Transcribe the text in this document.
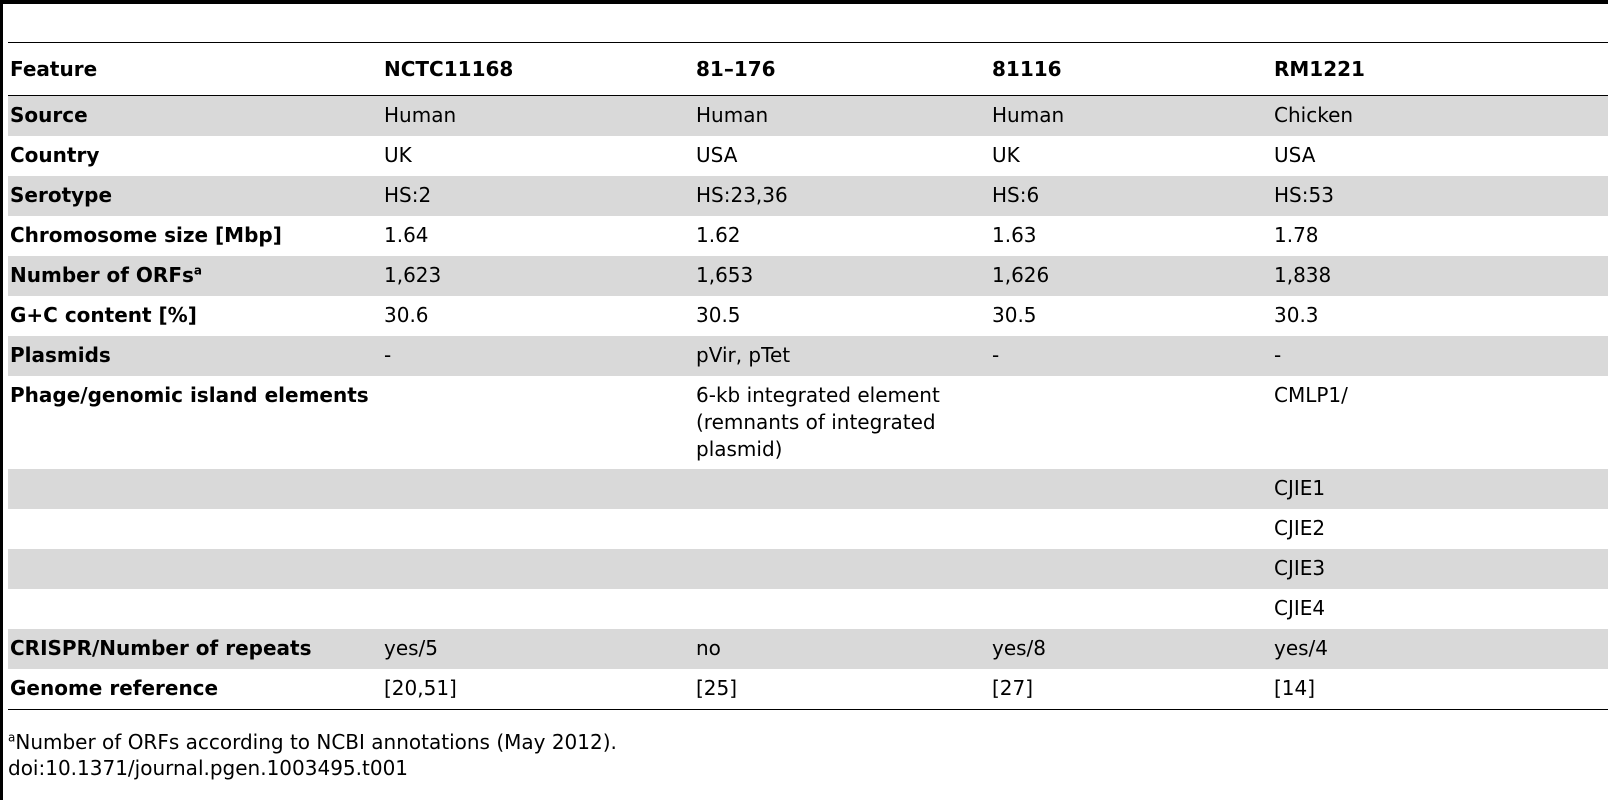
Feature	NCTC11168	81–176	81116	RM1221
Source	Human	Human	Human	Chicken
Country	UK	USA	UK	USA
Serotype	HS:2	HS:23,36	HS:6	HS:53
Chromosome size [Mbp]	1.64	1.62	1.63	1.78
Number of ORFs$^a$	1,623	1,653	1,626	1,838
G+C content [%]	30.6	30.5	30.5	30.3
Plasmids	-	pVir, pTet	-	-
Phage/genomic island elements		6-kb integrated element (remnants of integrated plasmid)		CMLP1/
				CJIE1
				CJIE2
				CJIE3
				CJIE4
CRISPR/Number of repeats	yes/5	no	yes/8	yes/4
Genome reference	[20,51]	[25]	[27]	[14]
$^a$Number of ORFs according to NCBI annotations (May 2012).
doi:10.1371/journal.pgen.1003495.t001
